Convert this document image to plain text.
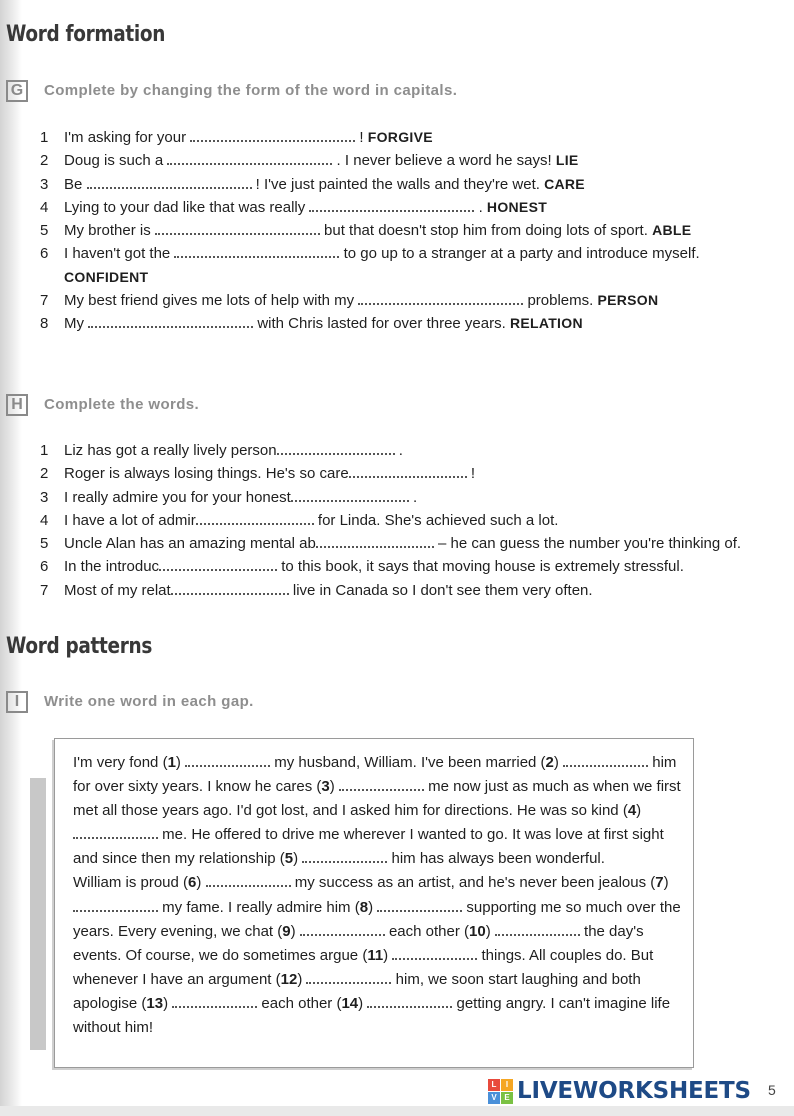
Word formation
G	Complete by changing the form of the word in capitals.
1 I'm asking for your	! FORGIVE
2 Doug is such a	. I never believe a word he says! LIE
3 Be	! I've just painted the walls and they're wet. CARE
4 Lying to your dad like that was really	. HONEST
5 My brother is	but that doesn't stop him from doing lots of sport. ABLE
6 I haven't got the	to go up to a stranger at a party and introduce myself. CONFIDENT
7 My best friend gives me lots of help with my	problems. PERSON
8 My	with Chris lasted for over three years. RELATION
H	Complete the words.
1 Liz has got a really lively person	.
2 Roger is always losing things. He's so care	!
3 I really admire you for your honest	.
4 I have a lot of admir	for Linda. She's achieved such a lot.
5 Uncle Alan has an amazing mental ab	– he can guess the number you're thinking of.
6 In the introduc	to this book, it says that moving house is extremely stressful.
7 Most of my relat	live in Canada so I don't see them very often.
Word patterns
I	Write one word in each gap.

I'm very fond (1)	my husband, William. I've been married (2)	him for over sixty years. I know he cares (3)	me now just as much as when we first met all those years ago. I'd got lost, and I asked him for directions. He was so kind (4)  me. He offered to drive me wherever I wanted to go. It was love at first sight and since then my relationship (5)	him has always been wonderful.

William is proud (6)	my success as an artist, and he's never been jealous (7)  my fame. I really admire him (8)	supporting me so much over the years. Every evening, we chat (9)	each other (10)	the day's events. Of course, we do sometimes argue (11)	things. All couples do. But whenever I have an argument (12)	him, we soon start laughing and both apologise (13)	each other (14)	getting angry. I can't imagine life without him!

L	I
V E LIVEWORKSHEETS 5
